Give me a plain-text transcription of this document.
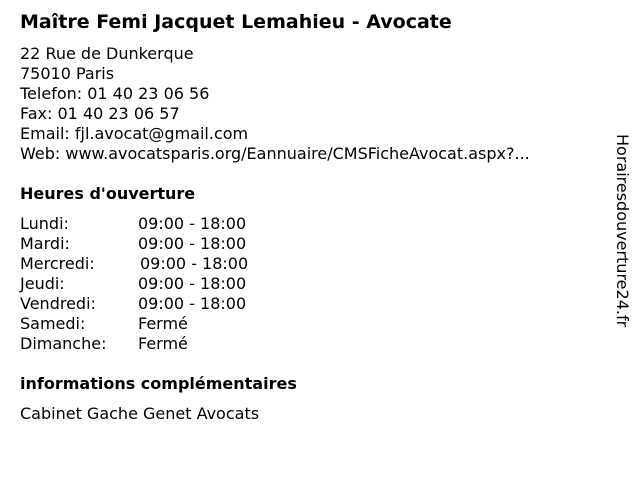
Maître Femi Jacquet Lemahieu - Avocate
22 Rue de Dunkerque
75010 Paris
Telefon: 01 40 23 06 56
Fax: 01 40 23 06 57
Email: fjl.avocat@gmail.com
Web: www.avocatsparis.org/Eannuaire/CMSFicheAvocat.aspx?...
Heures d'ouverture
Lundi:	09:00 - 18:00
Mardi:	09:00 - 18:00
Mercredi:	09:00 - 18:00
Jeudi:	09:00 - 18:00
Vendredi:	09:00 - 18:00
Samedi:	Fermé
Dimanche: Fermé
informations complémentaires
Cabinet Gache Genet Avocats
Horairesdouverture24.fr
